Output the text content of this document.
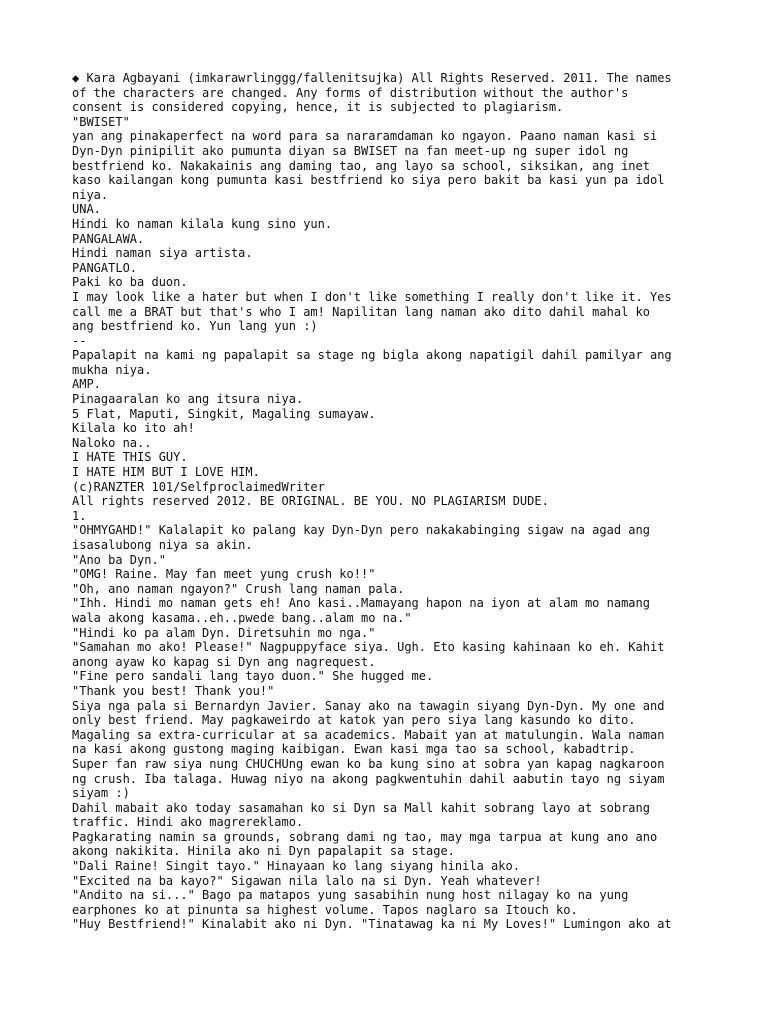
◆ Kara Agbayani (imkarawrlinggg/fallenitsujka) All Rights Reserved. 2011. The names
of the characters are changed. Any forms of distribution without the author's
consent is considered copying, hence, it is subjected to plagiarism.
"BWISET"
yan ang pinakaperfect na word para sa nararamdaman ko ngayon. Paano naman kasi si
Dyn-Dyn pinipilit ako pumunta diyan sa BWISET na fan meet-up ng super idol ng
bestfriend ko. Nakakainis ang daming tao, ang layo sa school, siksikan, ang inet
kaso kailangan kong pumunta kasi bestfriend ko siya pero bakit ba kasi yun pa idol
niya.
UNA.
Hindi ko naman kilala kung sino yun.
PANGALAWA.
Hindi naman siya artista.
PANGATLO.
Paki ko ba duon.
I may look like a hater but when I don't like something I really don't like it. Yes
call me a BRAT but that's who I am! Napilitan lang naman ako dito dahil mahal ko
ang bestfriend ko. Yun lang yun :)
--
Papalapit na kami ng papalapit sa stage ng bigla akong napatigil dahil pamilyar ang
mukha niya.
AMP.
Pinagaaralan ko ang itsura niya.
5 Flat, Maputi, Singkit, Magaling sumayaw.
Kilala ko ito ah!
Naloko na..
I HATE THIS GUY.
I HATE HIM BUT I LOVE HIM.
(c)RANZTER 101/SelfproclaimedWriter
All rights reserved 2012. BE ORIGINAL. BE YOU. NO PLAGIARISM DUDE.
1.
"OHMYGAHD!" Kalalapit ko palang kay Dyn-Dyn pero nakakabinging sigaw na agad ang
isasalubong niya sa akin.
"Ano ba Dyn."
"OMG! Raine. May fan meet yung crush ko!!"
"Oh, ano naman ngayon?" Crush lang naman pala.
"Ihh. Hindi mo naman gets eh! Ano kasi..Mamayang hapon na iyon at alam mo namang
wala akong kasama..eh..pwede bang..alam mo na."
"Hindi ko pa alam Dyn. Diretsuhin mo nga."
"Samahan mo ako! Please!" Nagpuppyface siya. Ugh. Eto kasing kahinaan ko eh. Kahit
anong ayaw ko kapag si Dyn ang nagrequest.
"Fine pero sandali lang tayo duon." She hugged me.
"Thank you best! Thank you!"
Siya nga pala si Bernardyn Javier. Sanay ako na tawagin siyang Dyn-Dyn. My one and
only best friend. May pagkaweirdo at katok yan pero siya lang kasundo ko dito.
Magaling sa extra-curricular at sa academics. Mabait yan at matulungin. Wala naman
na kasi akong gustong maging kaibigan. Ewan kasi mga tao sa school, kabadtrip.
Super fan raw siya nung CHUCHUng ewan ko ba kung sino at sobra yan kapag nagkaroon
ng crush. Iba talaga. Huwag niyo na akong pagkwentuhin dahil aabutin tayo ng siyam
siyam :)
Dahil mabait ako today sasamahan ko si Dyn sa Mall kahit sobrang layo at sobrang
traffic. Hindi ako magrereklamo.
Pagkarating namin sa grounds, sobrang dami ng tao, may mga tarpua at kung ano ano
akong nakikita. Hinila ako ni Dyn papalapit sa stage.
"Dali Raine! Singit tayo." Hinayaan ko lang siyang hinila ako.
"Excited na ba kayo?" Sigawan nila lalo na si Dyn. Yeah whatever!
"Andito na si..." Bago pa matapos yung sasabihin nung host nilagay ko na yung
earphones ko at pinunta sa highest volume. Tapos naglaro sa Itouch ko.
"Huy Bestfriend!" Kinalabit ako ni Dyn. "Tinatawag ka ni My Loves!" Lumingon ako at
